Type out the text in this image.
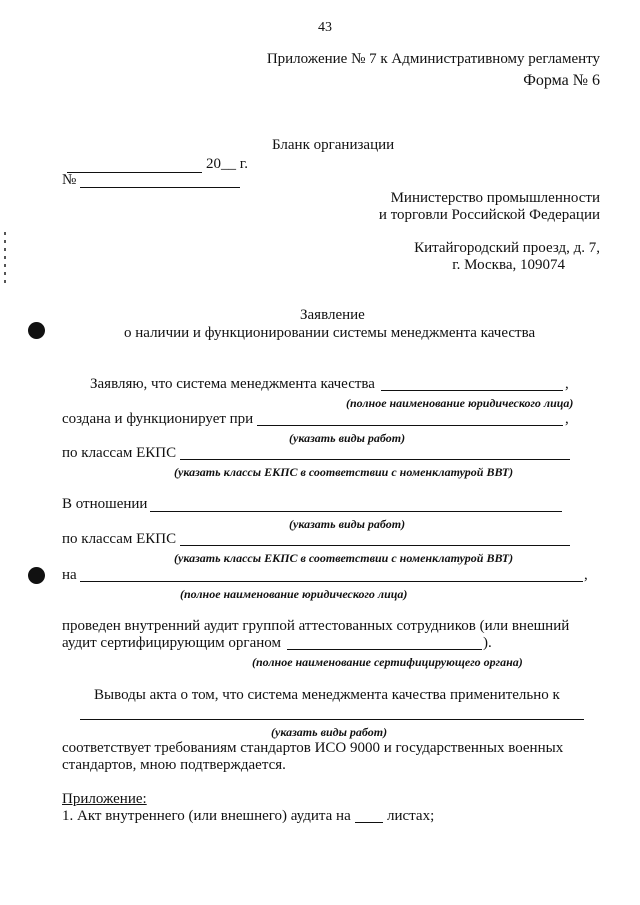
43
Приложение № 7 к Административному регламенту
Форма № 6
Бланк организации
20__ г.
№
Министерство промышленности
и торговли Российской Федерации
Китайгородский проезд, д. 7,
г. Москва, 109074
Заявление
о наличии и функционировании системы менеджмента качества
Заявляю, что система менеджмента качества	,
(полное наименование юридического лица)
создана и функционирует при	,
(указать виды работ)
по классам ЕКПС
(указать классы ЕКПС в соответствии с номенклатурой ВВТ)
В отношении
(указать виды работ)
по классам ЕКПС
(указать классы ЕКПС в соответствии с номенклатурой ВВТ)
на	,
(полное наименование юридического лица)
проведен внутренний аудит группой аттестованных сотрудников (или внешний
аудит сертифицирующим органом	).
(полное наименование сертифицирующего органа)
Выводы акта о том, что система менеджмента качества применительно к
(указать виды работ)
соответствует требованиям стандартов ИСО 9000 и государственных военных
стандартов, мною подтверждается.
Приложение:
1. Акт внутреннего (или внешнего) аудита на листах;
